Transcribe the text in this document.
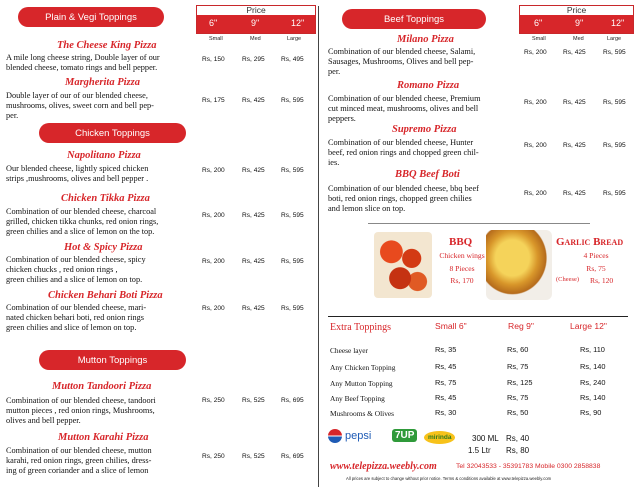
Plain & Vegi Toppings
Price
6"	9"	12"
Small	Med	Large
Chicken Toppings
Mutton Toppings
The Cheese King Pizza
A mile long cheese string, Double layer of our
blended cheese, tomato rings and bell pepper.
Rs, 150	Rs, 295 Rs, 495
Margherita Pizza
Double layer of our of our blended cheese,
mushrooms, olives, sweet corn and bell pep-
per.
Rs, 175	Rs, 425 Rs, 595
Napolitano Pizza
Our blended cheese, lightly spiced chicken
strips ,mushrooms, olives and bell pepper .
Rs, 200	Rs, 425 Rs, 595
Chicken Tikka Pizza
Combination of our blended cheese, charcoal
grilled, chicken tikka chunks, red onion rings,
green chilies and a slice of lemon on the top.
Rs, 200	Rs, 425 Rs, 595
Hot & Spicy Pizza
Combination of our blended cheese, spicy
chicken chucks , red onion rings ,
green chilies and a slice of lemon on top.
Rs, 200	Rs, 425 Rs, 595
Chicken Behari Boti Pizza
Combination of our blended cheese, mari-
nated chicken behari boti, red onion rings
green chilies and slice of lemon on top.
Rs, 200	Rs, 425 Rs, 595
Mutton Tandoori Pizza
Combination of our blended cheese, tandoori
mutton pieces , red onion rings, Mushrooms,
olives and bell pepper.
Rs, 250	Rs, 525 Rs, 695
Mutton Karahi Pizza
Combination of our blended cheese, mutton
karahi, red onion rings, green chilies, dress-
ing of green coriander and a slice of lemon
Rs, 250	Rs, 525 Rs, 695
Beef Toppings
Price
6"	9"	12"
Small	Med	Large
Milano Pizza
Combination of our blended cheese, Salami,
Sausages, Mushrooms, Olives and bell pep-
per.
Rs, 200 Rs, 425	Rs, 595
Romano Pizza
Combination of our blended cheese, Premium
cut minced meat, mushrooms, olives and bell
peppers.
Rs, 200 Rs, 425	Rs, 595
Supremo Pizza
Combination of our blended cheese, Hunter
beef, red onion rings and chopped green chil-
ies.
Rs, 200 Rs, 425	Rs, 595
BBQ Beef Boti
Combination of our blended cheese, bbq beef
boti, red onion rings, chopped green chilies
and lemon slice on top.
Rs, 200 Rs, 425	Rs, 595
BBQ
Chicken wings
8 Pieces
Rs, 170
Garlic Bread
4 Pieces
Rs, 75
(Cheese) Rs, 120
Extra Toppings	Small 6"	Reg 9"	Large 12"
Cheese layer	Rs, 35	Rs, 60	Rs, 110
Any Chicken Topping	Rs, 45	Rs, 75	Rs, 140
Any Mutton Topping	Rs, 75	Rs, 125	Rs, 240
Any Beef Topping	Rs, 45	Rs, 75	Rs, 140
Mushrooms & Olives	Rs, 30	Rs, 50	Rs, 90
pepsi	7UP	mirinda	300 ML Rs, 40
1.5 Ltr Rs, 80
www.telepizza.weebly.com	Tel 32043533 - 35391783 Mobile 0300 2858838
All prices are subject to change without prior notice. Terms & conditions available at www.telepizza.weebly.com
